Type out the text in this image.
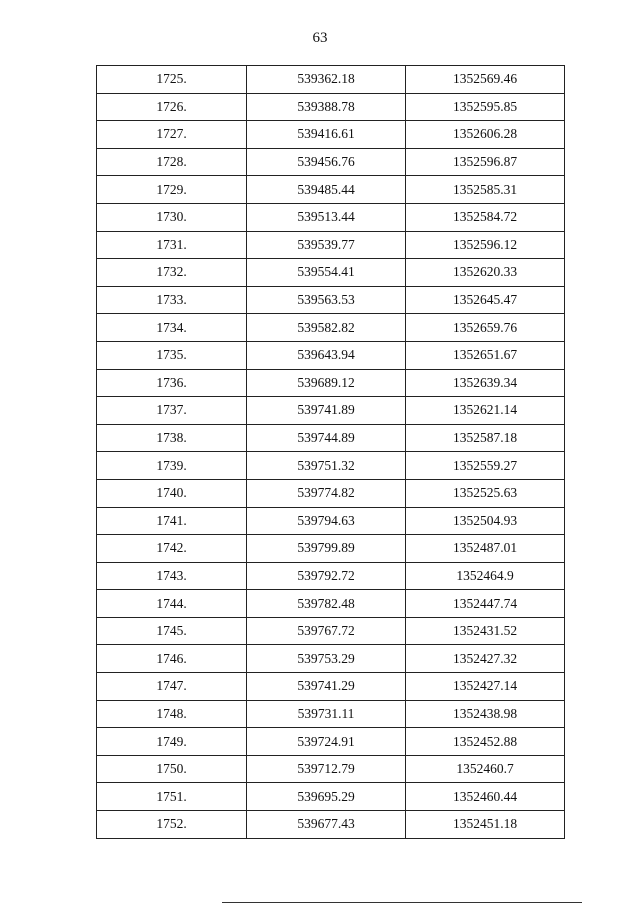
63
1725.	539362.18	1352569.46
1726.	539388.78	1352595.85
1727.	539416.61	1352606.28
1728.	539456.76	1352596.87
1729.	539485.44	1352585.31
1730.	539513.44	1352584.72
1731.	539539.77	1352596.12
1732.	539554.41	1352620.33
1733.	539563.53	1352645.47
1734.	539582.82	1352659.76
1735.	539643.94	1352651.67
1736.	539689.12	1352639.34
1737.	539741.89	1352621.14
1738.	539744.89	1352587.18
1739.	539751.32	1352559.27
1740.	539774.82	1352525.63
1741.	539794.63	1352504.93
1742.	539799.89	1352487.01
1743.	539792.72	1352464.9
1744.	539782.48	1352447.74
1745.	539767.72	1352431.52
1746.	539753.29	1352427.32
1747.	539741.29	1352427.14
1748.	539731.11	1352438.98
1749.	539724.91	1352452.88
1750.	539712.79	1352460.7
1751.	539695.29	1352460.44
1752.	539677.43	1352451.18
